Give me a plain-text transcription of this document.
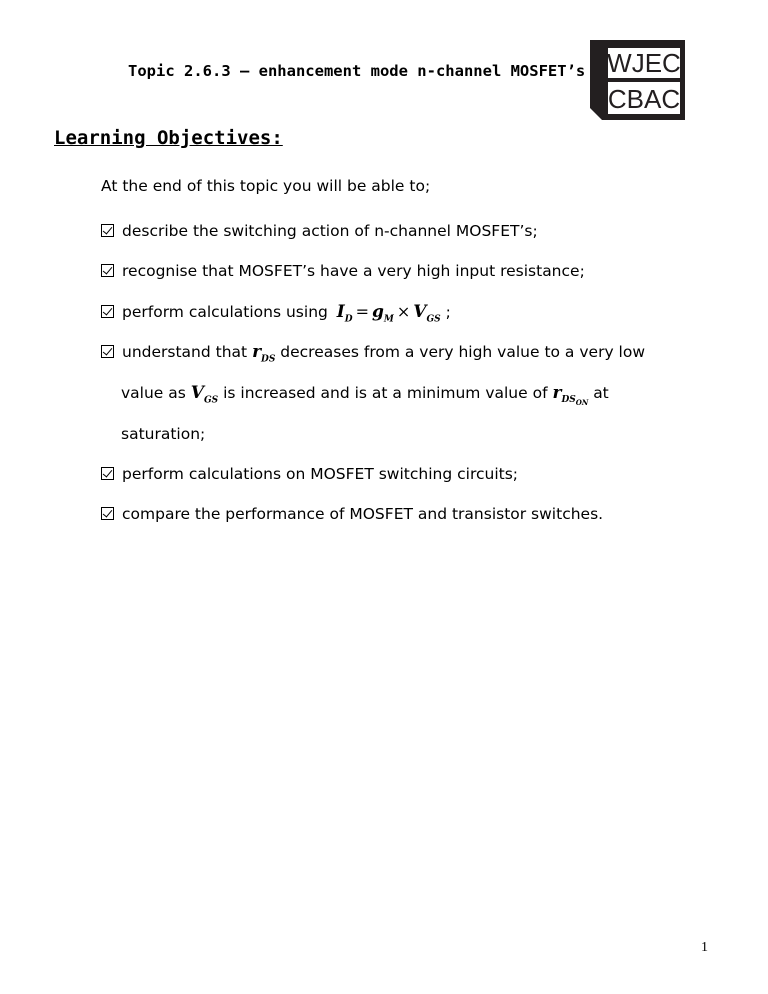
Topic 2.6.3 – enhancement mode n-channel MOSFET’s WJEC
CBAC
Learning Objectives:
At the end of this topic you will be able to;
describe the switching action of n-channel MOSFET’s;
recognise that MOSFET’s have a very high input resistance;
perform calculations using $I_D = g_M \times V_{GS}$ ;
understand that $r_{DS}$ decreases from a very high value to a very low
value as $V_{GS}$ is increased and is at a minimum value of $r_{DS_{ON}}$ at
saturation;
perform calculations on MOSFET switching circuits;
compare the performance of MOSFET and transistor switches.
1
